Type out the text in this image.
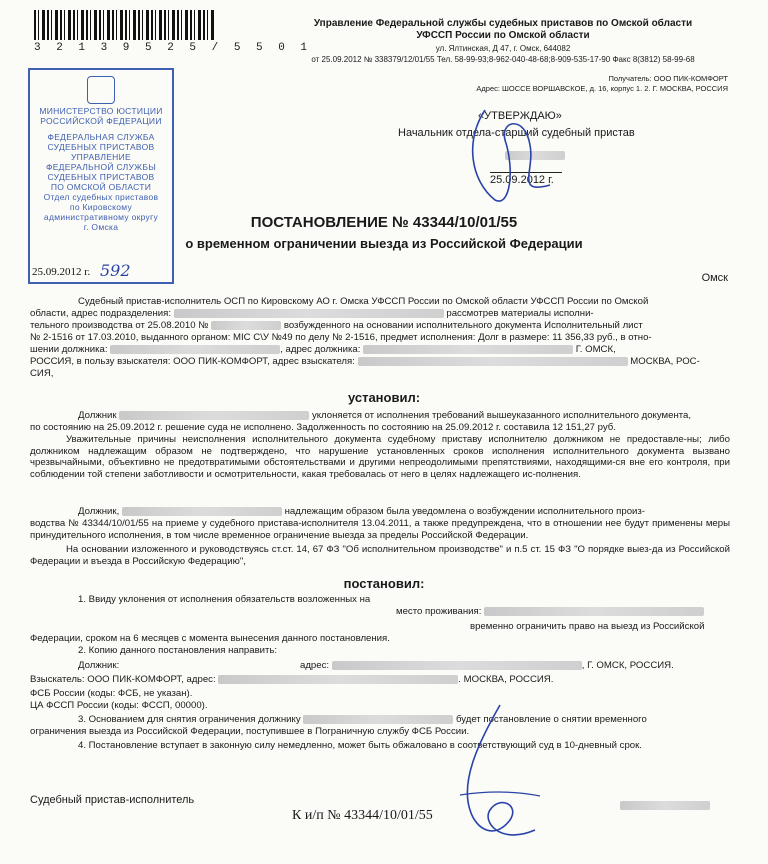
3 2 1 3 9 5 2 5 / 5 5 0 1
Управление Федеральной службы судебных приставов по Омской области
УФССП России по Омской области
ул. Ялтинская, Д 47, г. Омск, 644082
от 25.09.2012 № 338379/12/01/55 Тел. 58-99-93;8-962-040-48-68;8-909-535-17-90 Факс 8(3812) 58-99-68
Получатель: ООО ПИК-КОМФОРТ
Адрес: ШОССЕ ВОРШАВСКОЕ, д. 16, корпус 1. 2. Г. МОСКВА, РОССИЯ
МИНИСТЕРСТВО ЮСТИЦИИ
РОССИЙСКОЙ ФЕДЕРАЦИИ
ФЕДЕРАЛЬНАЯ СЛУЖБА
СУДЕБНЫХ ПРИСТАВОВ
УПРАВЛЕНИЕ
ФЕДЕРАЛЬНОЙ СЛУЖБЫ
СУДЕБНЫХ ПРИСТАВОВ
ПО ОМСКОЙ ОБЛАСТИ
Отдел судебных приставов
по Кировскому
административному округу
г. Омска
25.09.2012 г. 592
«УТВЕРЖДАЮ»
Начальник отдела-старший судебный пристав
25.09.2012 г.
ПОСТАНОВЛЕНИЕ № 43344/10/01/55
о временном ограничении выезда из Российской Федерации
Омск
Судебный пристав-исполнитель ОСП по Кировскому АО г. Омска УФССП России по Омской области УФССП России по Омской
области, адрес подразделения:	рассмотрев материалы исполни-
тельного производства от 25.08.2010 №	возбужденного на основании исполнительного документа Исполнительный лист
№ 2-1516 от 17.03.2010, выданного органом: МІС С\У №49 по делу № 2-1516, предмет исполнения: Долг в размере: 11 356,33 руб., в отно-
шении должника:	, адрес должника:	Г. ОМСК,
РОССИЯ, в пользу взыскателя: ООО ПИК-КОМФОРТ, адрес взыскателя:	МОСКВА, РОС-
СИЯ,
установил:
Должник	уклоняется от исполнения требований вышеуказанного исполнительного документа,
по состоянию на 25.09.2012 г. решение суда не исполнено. Задолженность по состоянию на 25.09.2012 г. составила 12 151,27 руб.

Уважительные причины неисполнения исполнительного документа судебному приставу исполнителю должником не предоставле-ны; либо должником надлежащим образом не подтверждено, что нарушение установленных сроков исполнения исполнительного документа вызвано чрезвычайными, объективно не предотвратимыми обстоятельствами и другими непреодолимыми препятствиями, находящими-ся вне его контроля, при соблюдении той степени заботливости и осмотрительности, какая требовалась от него в целях надлежащего ис-полнения.

Должник,	надлежащим образом была уведомлена о возбуждении исполнительного произ-

водства № 43344/10/01/55 на приеме у судебного пристава-исполнителя 13.04.2011, а также предупреждена, что в отношении нее будут применены меры принудительного исполнения, в том числе временное ограничение выезда за пределы Российской Федерации.

На основании изложенного и руководствуясь ст.ст. 14, 67 ФЗ "Об исполнительном производстве" и п.5 ст. 15 ФЗ "О порядке выез-да из Российской Федерации и въезда в Российскую Федерацию",

постановил:
1. Ввиду уклонения от исполнения обязательств возложенных на
место проживания:
временно ограничить право на выезд из Российской
Федерации, сроком на 6 месяцев с момента вынесения данного постановления.
2. Копию данного постановления направить:
Должник:	адрес:	, Г. ОМСК, РОССИЯ.
Взыскатель: ООО ПИК-КОМФОРТ, адрес:	. МОСКВА, РОССИЯ.
ФСБ России (коды: ФСБ, не указан).
ЦА ФССП России (коды: ФССП, 00000).
3. Основанием для снятия ограничения должнику	будет постановление о снятии временного
ограничения выезда из Российской Федерации, поступившее в Пограничную службу ФСБ России.
4. Постановление вступает в законную силу немедленно, может быть обжаловано в соответствующий суд в 10-дневный срок.
Судебный пристав-исполнитель
К и/п № 43344/10/01/55
